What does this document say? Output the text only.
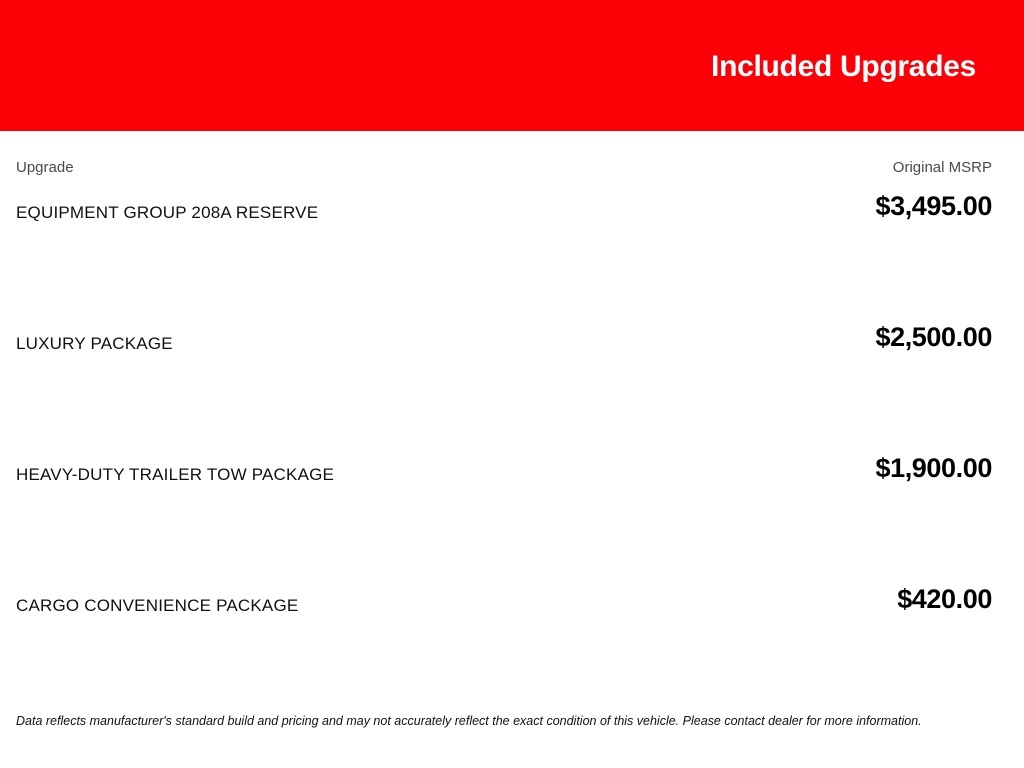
Included Upgrades
Upgrade	Original MSRP
EQUIPMENT GROUP 208A RESERVE	$3,495.00
LUXURY PACKAGE	$2,500.00
HEAVY-DUTY TRAILER TOW PACKAGE	$1,900.00
CARGO CONVENIENCE PACKAGE	$420.00
Data reflects manufacturer's standard build and pricing and may not accurately reflect the exact condition of this vehicle. Please contact dealer for more information.
